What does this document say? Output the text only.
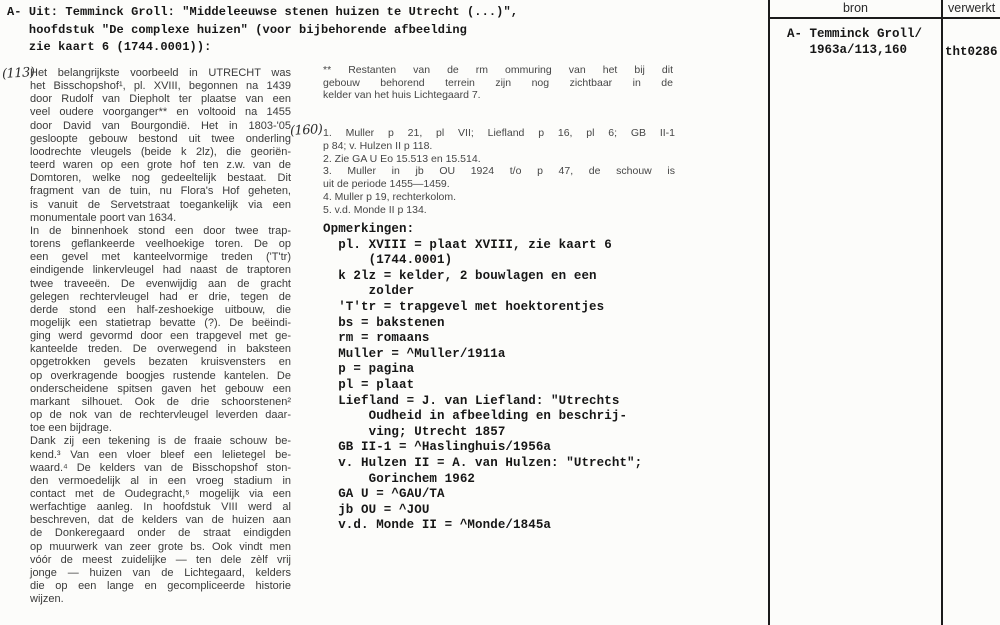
A- Uit: Temminck Groll: "Middeleeuwse stenen huizen te Utrecht (...)",
hoofdstuk "De complexe huizen" (voor bijbehorende afbeelding
zie kaart 6 (1744.0001)):
(113)
(160)
Het belangrijkste voorbeeld in UTRECHT was
het Bisschopshof¹, pl. XVIII, begonnen na 1439
door Rudolf van Diepholt ter plaatse van een
veel oudere voorganger** en voltooid na 1455
door David van Bourgondië. Het in 1803-'05
gesloopte gebouw bestond uit twee onderling
loodrechte vleugels (beide k 2lz), die georiën-
teerd waren op een grote hof ten z.w. van de
Domtoren, welke nog gedeeltelijk bestaat. Dit
fragment van de tuin, nu Flora's Hof geheten,
is vanuit de Servetstraat toegankelijk via een
monumentale poort van 1634.
In de binnenhoek stond een door twee trap-
torens geflankeerde veelhoekige toren. De op
een gevel met kanteelvormige treden ('T'tr)
eindigende linkervleugel had naast de traptoren
twee traveeën. De evenwijdig aan de gracht
gelegen rechtervleugel had er drie, tegen de
derde stond een half-zeshoekige uitbouw, die
mogelijk een statietrap bevatte (?). De beëindi-
ging werd gevormd door een trapgevel met ge-
kanteelde treden. De overwegend in baksteen
opgetrokken gevels bezaten kruisvensters en
op overkragende boogjes rustende kantelen. De
onderscheidene spitsen gaven het gebouw een
markant silhouet. Ook de drie schoorstenen²
op de nok van de rechtervleugel leverden daar-
toe een bijdrage.
Dank zij een tekening is de fraaie schouw be-
kend.³ Van een vloer bleef een lelietegel be-
waard.⁴ De kelders van de Bisschopshof ston-
den vermoedelijk al in een vroeg stadium in
contact met de Oudegracht,⁵ mogelijk via een
werfachtige aanleg. In hoofdstuk VIII werd al
beschreven, dat de kelders van de huizen aan
de Donkeregaard onder de straat eindigden
op muurwerk van zeer grote bs. Ook vindt men
vóór de meest zuidelijke — ten dele zèlf vrij
jonge — huizen van de Lichtegaard, kelders
die op een lange en gecompliceerde historie
wijzen.
** Restanten van de rm ommuring van het bij dit
gebouw behorend terrein zijn nog zichtbaar in de
kelder van het huis Lichtegaard 7.
1. Muller p 21, pl VII; Liefland p 16, pl 6; GB II-1
p 84; v. Hulzen II p 118.
2. Zie GA U Eo 15.513 en 15.514.
3. Muller in jb OU 1924 t/o p 47, de schouw is
uit de periode 1455—1459.
4. Muller p 19, rechterkolom.
5. v.d. Monde II p 134.
Opmerkingen:
pl. XVIII = plaat XVIII, zie kaart 6
(1744.0001)
k 2lz = kelder, 2 bouwlagen en een
zolder
'T'tr = trapgevel met hoektorentjes
bs = bakstenen
rm = romaans
Muller = ^Muller/1911a
p = pagina
pl = plaat
Liefland = J. van Liefland: "Utrechts
Oudheid in afbeelding en beschrij-
ving; Utrecht 1857
GB II-1 = ^Haslinghuis/1956a
v. Hulzen II = A. van Hulzen: "Utrecht";
Gorinchem 1962
GA U = ^GAU/TA
jb OU = ^JOU
v.d. Monde II = ^Monde/1845a
bron	verwerkt
A- Temminck Groll/
1963a/113,160	tht0286
